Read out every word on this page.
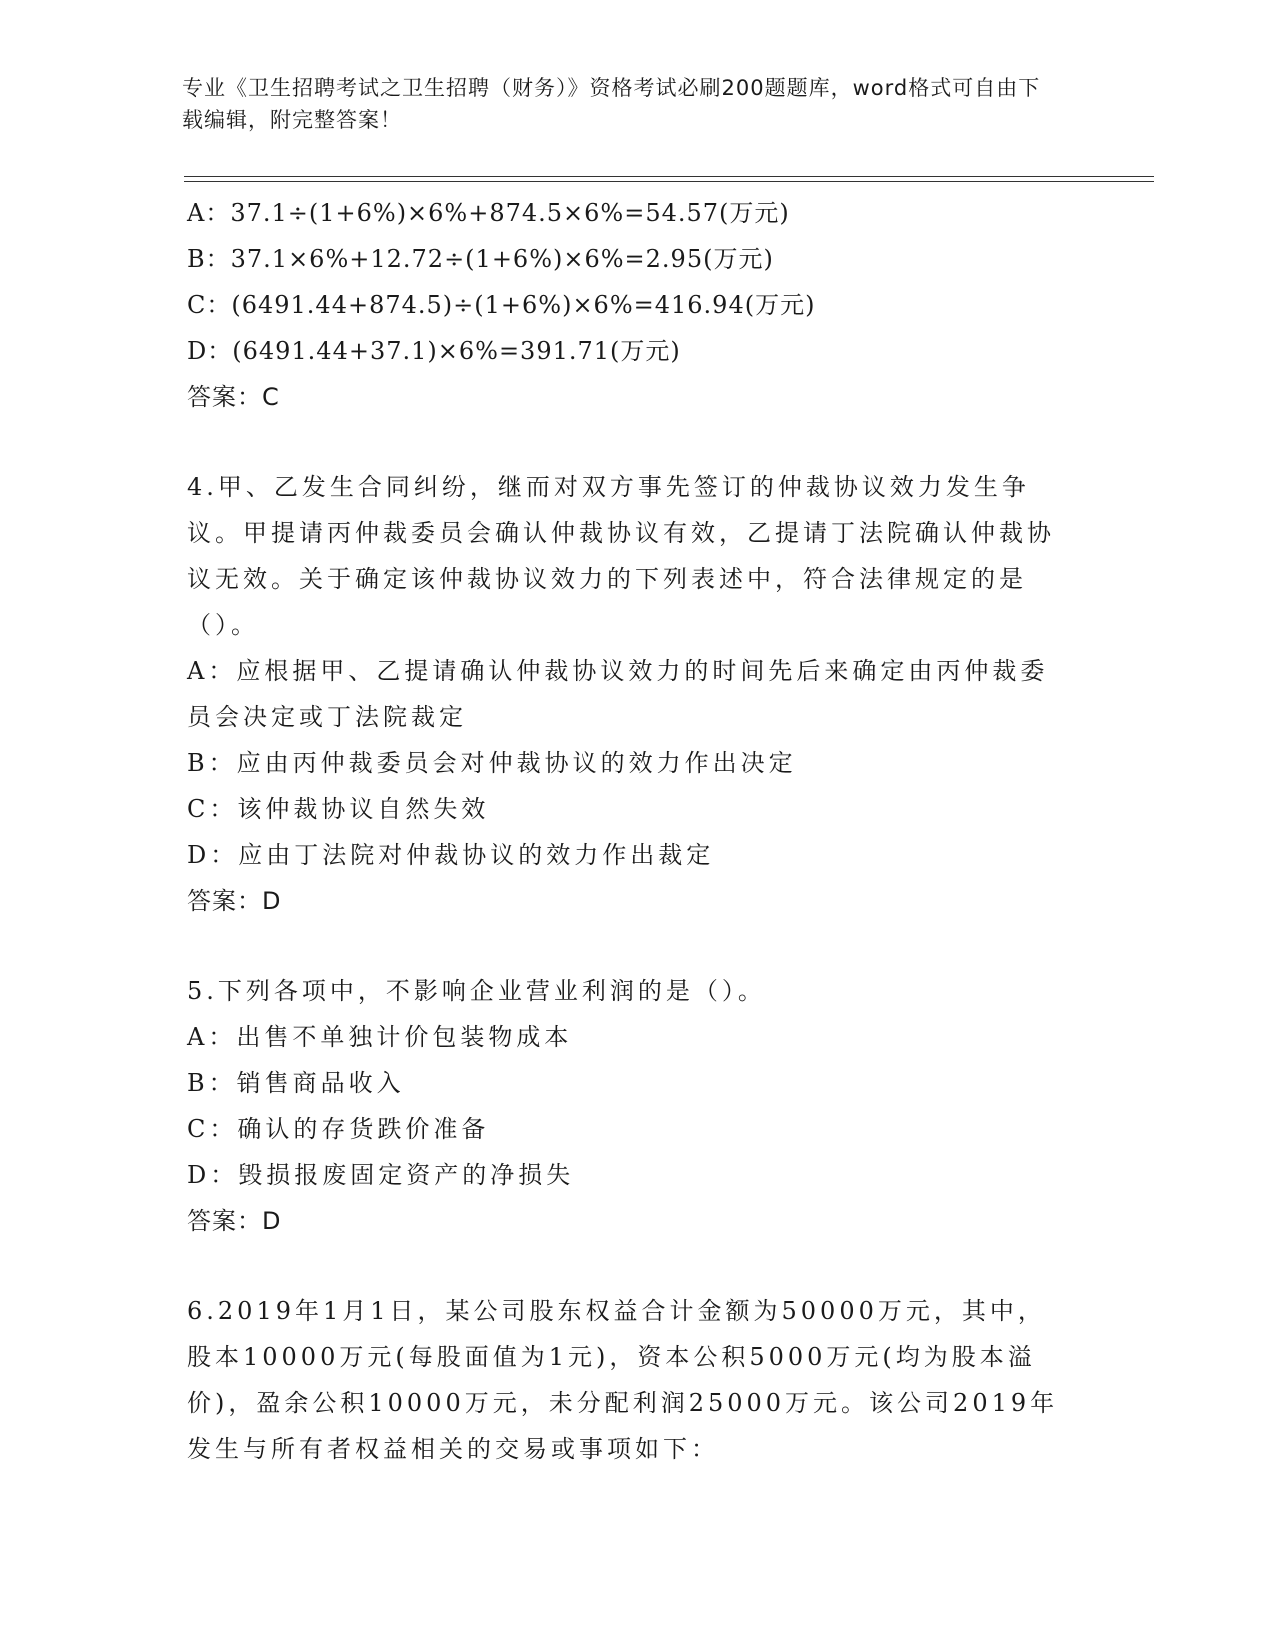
专业《卫生招聘考试之卫生招聘（财务）》资格考试必刷200题题库，word格式可自由下载编辑，附完整答案！

A：37.1÷(1+6%)×6%+874.5×6%=54.57(万元)

B：37.1×6%+12.72÷(1+6%)×6%=2.95(万元)

C：(6491.44+874.5)÷(1+6%)×6%=416.94(万元)

D：(6491.44+37.1)×6%=391.71(万元)

答案：C

4.甲、乙发生合同纠纷，继而对双方事先签订的仲裁协议效力发生争议。甲提请丙仲裁委员会确认仲裁协议有效，乙提请丁法院确认仲裁协议无效。关于确定该仲裁协议效力的下列表述中，符合法律规定的是（）。

A：应根据甲、乙提请确认仲裁协议效力的时间先后来确定由丙仲裁委员会决定或丁法院裁定

B：应由丙仲裁委员会对仲裁协议的效力作出决定

C：该仲裁协议自然失效

D：应由丁法院对仲裁协议的效力作出裁定

答案：D

5.下列各项中，不影响企业营业利润的是（）。

A：出售不单独计价包装物成本

B：销售商品收入

C：确认的存货跌价准备

D：毁损报废固定资产的净损失

答案：D

6.2019年1月1日，某公司股东权益合计金额为50000万元，其中，股本10000万元(每股面值为1元)，资本公积5000万元(均为股本溢价)，盈余公积10000万元，未分配利润25000万元。该公司2019年发生与所有者权益相关的交易或事项如下：
